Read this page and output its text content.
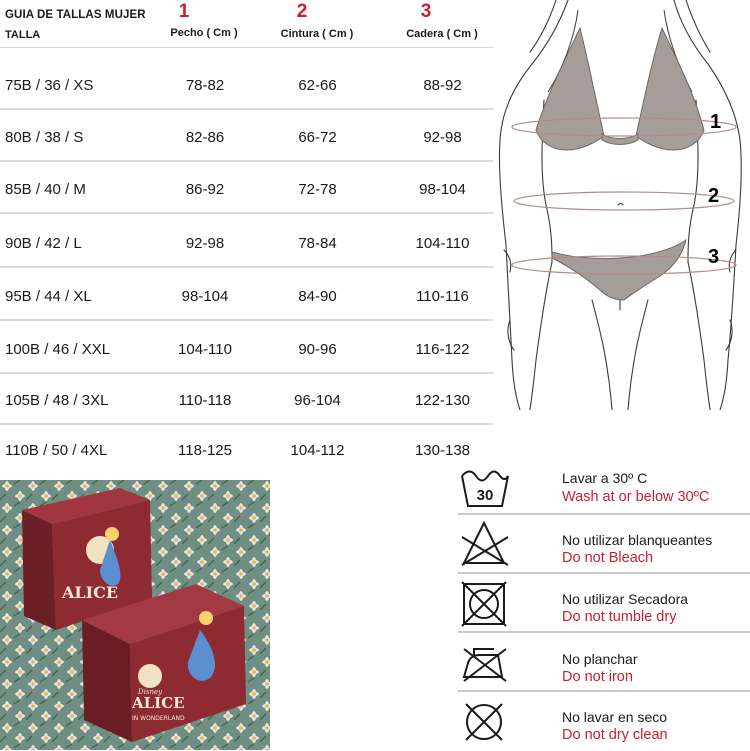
GUIA DE TALLAS MUJER
TALLA
1
Pecho ( Cm )
2
Cintura ( Cm )
3
Cadera ( Cm )
75B / 36 / XS	78-82	62-66	88-92
80B / 38 / S	82-86	66-72	92-98
85B / 40 / M	86-92	72-78	98-104
90B / 42 / L	92-98	78-84	104-110
95B / 44 / XL	98-104	84-90	110-116
100B / 46 / XXL	104-110	90-96	116-122
105B / 48 / 3XL	110-118	96-104	122-130
110B / 50 / 4XL	118-125	104-112	130-138
1
2
3
ALICE
ALICE
IN WONDERLAND
Disney
30
Lavar a 30º C
Wash at or below 30ºC
No utilizar blanqueantes
Do not Bleach
No utilizar Secadora
Do not tumble dry
No planchar
Do not iron
No lavar en seco
Do not dry clean
